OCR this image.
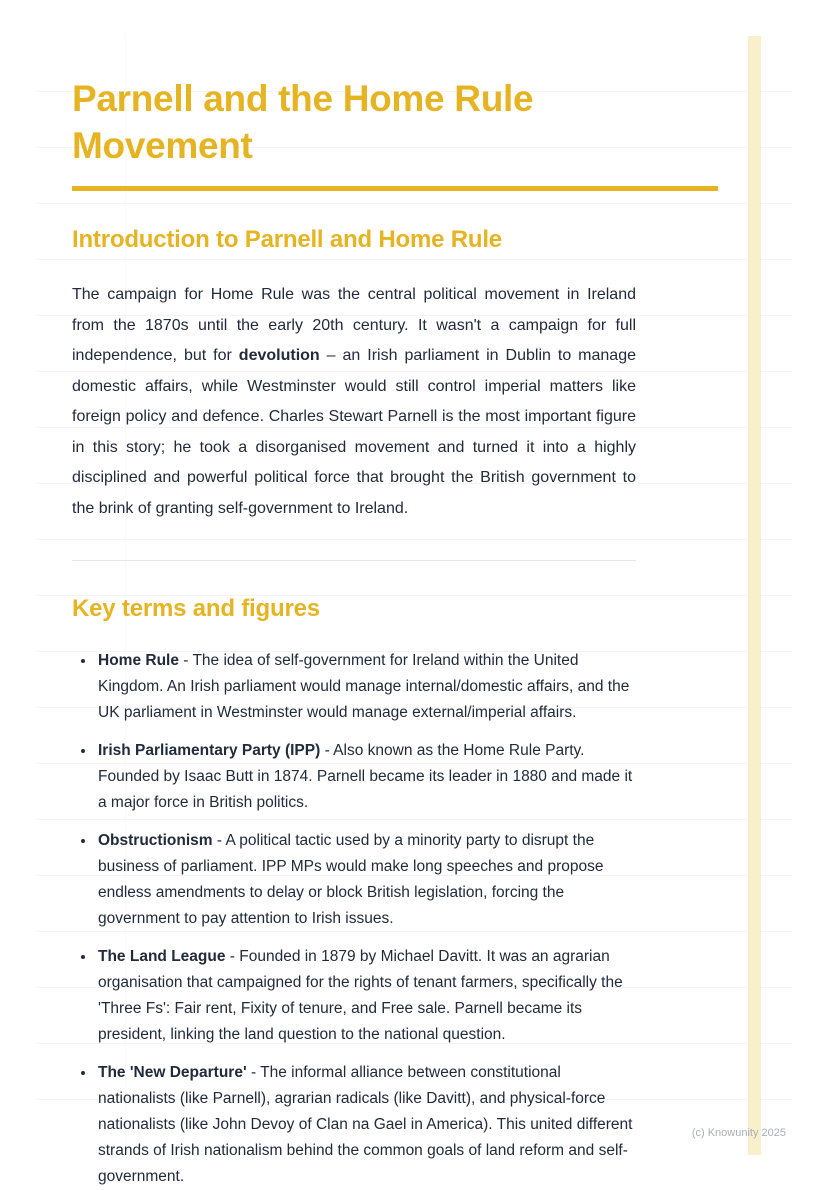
Parnell and the Home Rule Movement
Introduction to Parnell and Home Rule

The campaign for Home Rule was the central political movement in Ireland from the 1870s until the early 20th century. It wasn't a campaign for full independence, but for devolution – an Irish parliament in Dublin to manage domestic affairs, while Westminster would still control imperial matters like foreign policy and defence. Charles Stewart Parnell is the most important figure in this story; he took a disorganised movement and turned it into a highly disciplined and powerful political force that brought the British government to the brink of granting self-government to Ireland.

Key terms and figures
• Home Rule - The idea of self-government for Ireland within the United Kingdom. An Irish parliament would manage internal/domestic affairs, and the UK parliament in Westminster would manage external/imperial affairs.
• Irish Parliamentary Party (IPP) - Also known as the Home Rule Party. Founded by Isaac Butt in 1874. Parnell became its leader in 1880 and made it a major force in British politics.
• Obstructionism - A political tactic used by a minority party to disrupt the business of parliament. IPP MPs would make long speeches and propose endless amendments to delay or block British legislation, forcing the government to pay attention to Irish issues.
• The Land League - Founded in 1879 by Michael Davitt. It was an agrarian organisation that campaigned for the rights of tenant farmers, specifically the 'Three Fs': Fair rent, Fixity of tenure, and Free sale. Parnell became its president, linking the land question to the national question.
• The 'New Departure' - The informal alliance between constitutional nationalists (like Parnell), agrarian radicals (like Davitt), and physical-force nationalists (like John Devoy of Clan na Gael in America). This united different strands of Irish nationalism behind the common goals of land reform and self-government.
(c) Knowunity 2025
